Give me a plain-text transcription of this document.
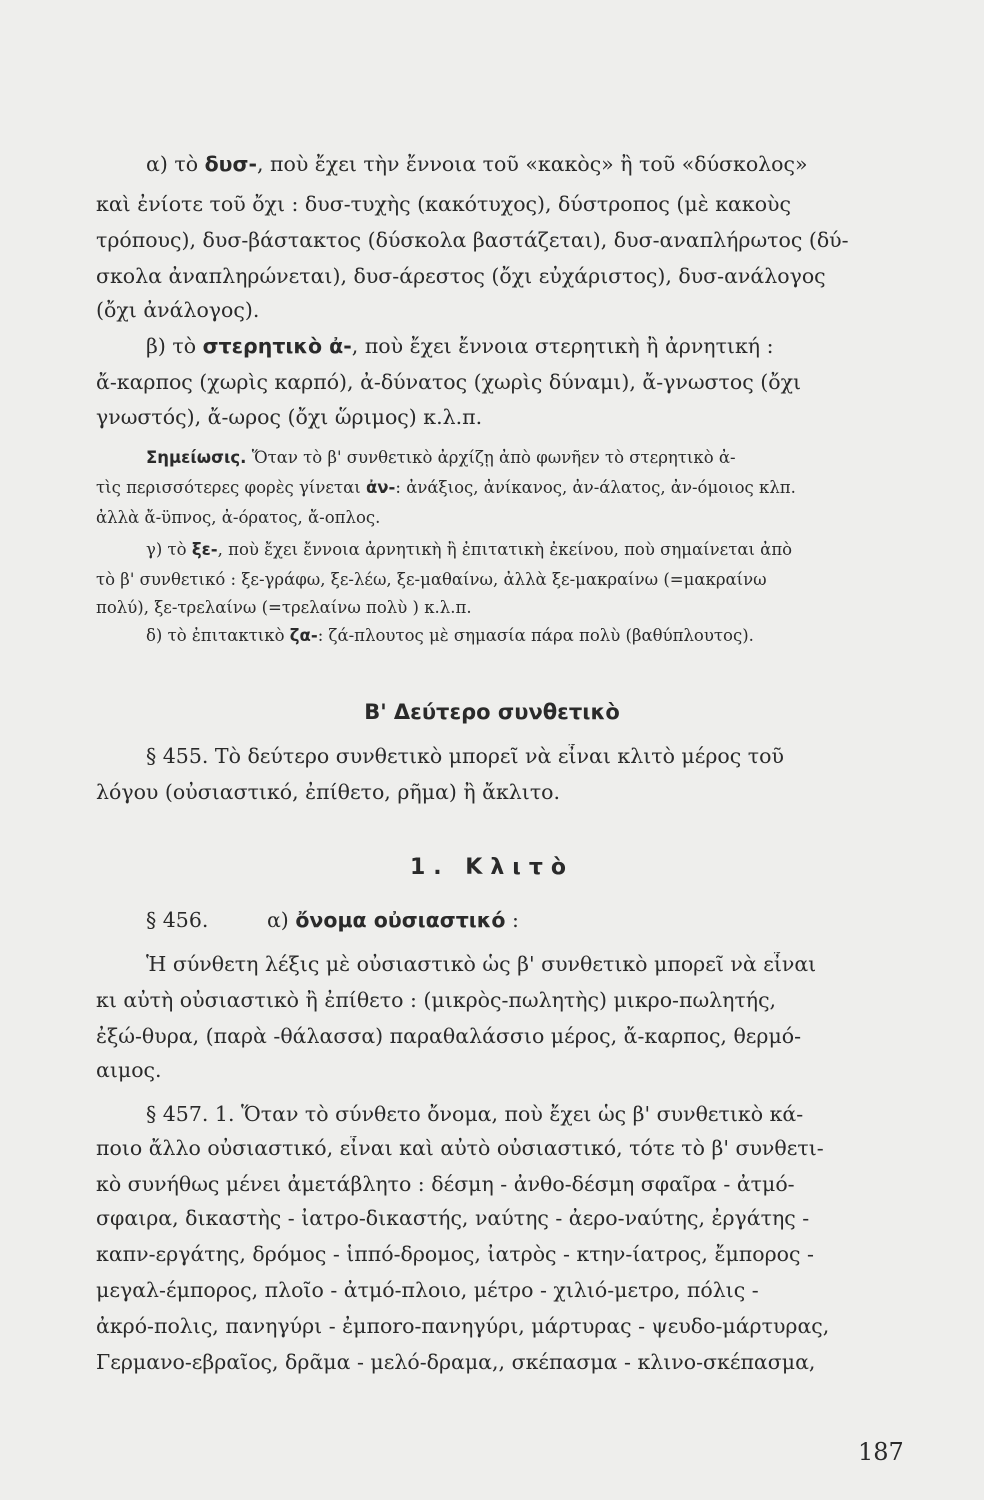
α) τὸ δυσ-, ποὺ ἔχει τὴν ἔννοια τοῦ «κακὸς» ἢ τοῦ «δύσκολος»
καὶ ἐνίοτε τοῦ ὄχι : δυσ-τυχὴς (κακότυχος), δύστροπος (μὲ κακοὺς
τρόπους), δυσ-βάστακτος (δύσκολα βαστάζεται), δυσ-αναπλήρωτος (δύ-
σκολα ἀναπληρώνεται), δυσ-άρεστος (ὄχι εὐχάριστος), δυσ-ανάλογος
(ὄχι ἀνάλογος).
β) τὸ στερητικὸ ἀ-, ποὺ ἔχει ἔννοια στερητικὴ ἢ ἀρνητική :
ἄ-καρπος (χωρὶς καρπό), ἀ-δύνατος (χωρὶς δύναμι), ἄ-γνωστος (ὄχι
γνωστός), ἄ-ωρος (ὄχι ὥριμος) κ.λ.π.
Σημείωσις. Ὅταν τὸ β' συνθετικὸ ἀρχίζῃ ἀπὸ φωνῆεν τὸ στερητικὸ ἀ-
τὶς περισσότερες φορὲς γίνεται ἀν-: ἀνάξιος, ἀνίκανος, ἀν-άλατος, ἀν-όμοιος κλπ.
ἀλλὰ ἄ-ϋπνος, ἀ-όρατος, ἄ-οπλος.
γ) τὸ ξε-, ποὺ ἔχει ἔννοια ἀρνητικὴ ἢ ἐπιτατικὴ ἐκείνου, ποὺ σημαίνεται ἀπὸ
τὸ β' συνθετικό : ξε-γράφω, ξε-λέω, ξε-μαθαίνω, ἀλλὰ ξε-μακραίνω (=μακραίνω
πολύ), ξε-τρελαίνω (=τρελαίνω πολὺ ) κ.λ.π.
δ) τὸ ἐπιτακτικὸ ζα-: ζά-πλουτος μὲ σημασία πάρα πολὺ (βαθύπλουτος).
Β' Δεύτερο συνθετικὸ
§ 455. Τὸ δεύτερο συνθετικὸ μπορεῖ νὰ εἶναι κλιτὸ μέρος τοῦ
λόγου (οὐσιαστικό, ἐπίθετο, ρῆμα) ἢ ἄκλιτο.
1. Κλιτὸ
§ 456.	α) ὄνομα οὐσιαστικό :
Ἡ σύνθετη λέξις μὲ οὐσιαστικὸ ὡς β' συνθετικὸ μπορεῖ νὰ εἶναι
κι αὐτὴ οὐσιαστικὸ ἢ ἐπίθετο : (μικρὸς-πωλητὴς) μικρο-πωλητής,
ἐξώ-θυρα, (παρὰ -θάλασσα) παραθαλάσσιο μέρος, ἄ-καρπος, θερμό-
αιμος.
§ 457. 1. Ὅταν τὸ σύνθετο ὄνομα, ποὺ ἔχει ὡς β' συνθετικὸ κά-
ποιο ἄλλο οὐσιαστικό, εἶναι καὶ αὐτὸ οὐσιαστικό, τότε τὸ β' συνθετι-
κὸ συνήθως μένει ἀμετάβλητο : δέσμη - ἀνθο-δέσμη σφαῖρα - ἀτμό-
σφαιρα, δικαστὴς - ἰατρο-δικαστής, ναύτης - ἀερο-ναύτης, ἐργάτης -
καπν-εργάτης, δρόμος - ἱππό-δρομος, ἰατρὸς - κτην-ίατρος, ἔμπορος -
μεγαλ-έμπορος, πλοῖο - ἀτμό-πλοιο, μέτρο - χιλιό-μετρο, πόλις -
ἀκρό-πολις, πανηγύρι - ἐμποro-πανηγύρι, μάρτυρας - ψευδο-μάρτυρας,
Γερμανο-εβραῖος, δρᾶμα - μελό-δραμα,, σκέπασμα - κλινο-σκέπασμα,
187
